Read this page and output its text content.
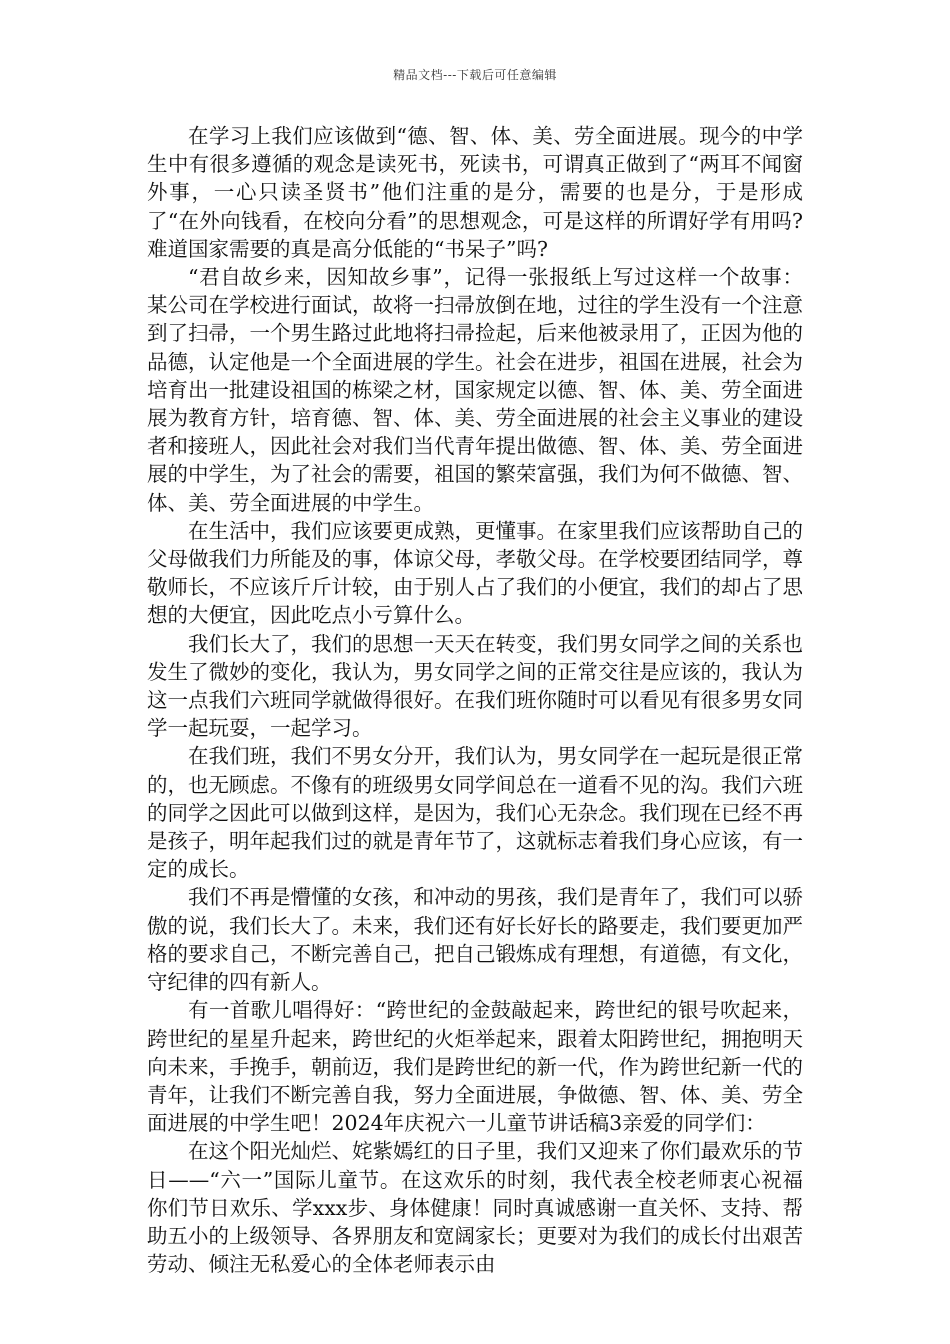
精品文档---下载后可任意编辑

在学习上我们应该做到“德、智、体、美、劳全面进展。现今的中学生中有很多遵循的观念是读死书，死读书，可谓真正做到了“两耳不闻窗外事，一心只读圣贤书”他们注重的是分，需要的也是分，于是形成了“在外向钱看，在校向分看”的思想观念，可是这样的所谓好学有用吗?难道国家需要的真是高分低能的“书呆子”吗?

“君自故乡来，因知故乡事”，记得一张报纸上写过这样一个故事：某公司在学校进行面试，故将一扫帚放倒在地，过往的学生没有一个注意到了扫帚，一个男生路过此地将扫帚捡起，后来他被录用了，正因为他的品德，认定他是一个全面进展的学生。社会在进步，祖国在进展，社会为培育出一批建设祖国的栋梁之材，国家规定以德、智、体、美、劳全面进展为教育方针，培育德、智、体、美、劳全面进展的社会主义事业的建设者和接班人，因此社会对我们当代青年提出做德、智、体、美、劳全面进展的中学生，为了社会的需要，祖国的繁荣富强，我们为何不做德、智、体、美、劳全面进展的中学生。

在生活中，我们应该要更成熟，更懂事。在家里我们应该帮助自己的父母做我们力所能及的事，体谅父母，孝敬父母。在学校要团结同学，尊敬师长，不应该斤斤计较，由于别人占了我们的小便宜，我们的却占了思想的大便宜，因此吃点小亏算什么。

我们长大了，我们的思想一天天在转变，我们男女同学之间的关系也发生了微妙的变化，我认为，男女同学之间的正常交往是应该的，我认为这一点我们六班同学就做得很好。在我们班你随时可以看见有很多男女同学一起玩耍，一起学习。

在我们班，我们不男女分开，我们认为，男女同学在一起玩是很正常的，也无顾虑。不像有的班级男女同学间总在一道看不见的沟。我们六班的同学之因此可以做到这样，是因为，我们心无杂念。我们现在已经不再是孩子，明年起我们过的就是青年节了，这就标志着我们身心应该，有一定的成长。

我们不再是懵懂的女孩，和冲动的男孩，我们是青年了，我们可以骄傲的说，我们长大了。未来，我们还有好长好长的路要走，我们要更加严格的要求自己，不断完善自己，把自己锻炼成有理想，有道德，有文化，守纪律的四有新人。

有一首歌儿唱得好：“跨世纪的金鼓敲起来，跨世纪的银号吹起来，跨世纪的星星升起来，跨世纪的火炬举起来，跟着太阳跨世纪，拥抱明天向未来，手挽手，朝前迈，我们是跨世纪的新一代，作为跨世纪新一代的青年，让我们不断完善自我，努力全面进展，争做德、智、体、美、劳全面进展的中学生吧！2024年庆祝六一儿童节讲话稿3亲爱的同学们：

在这个阳光灿烂、姹紫嫣红的日子里，我们又迎来了你们最欢乐的节日——“六一”国际儿童节。在这欢乐的时刻，我代表全校老师衷心祝福你们节日欢乐、学xxx步、身体健康！同时真诚感谢一直关怀、支持、帮助五小的上级领导、各界朋友和宽阔家长；更要对为我们的成长付出艰苦劳动、倾注无私爱心的全体老师表示由
